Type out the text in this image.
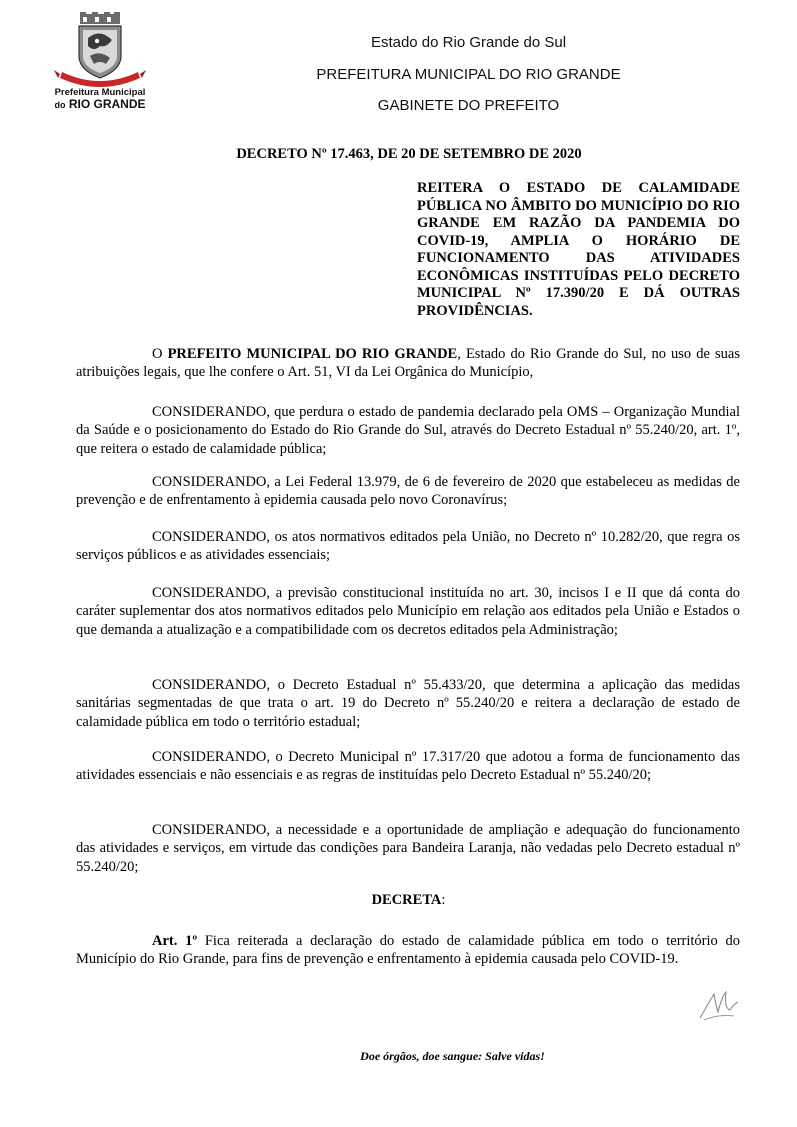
Prefeitura Municipal
do RIO GRANDE
Estado do Rio Grande do Sul
PREFEITURA MUNICIPAL DO RIO GRANDE
GABINETE DO PREFEITO
DECRETO Nº 17.463, DE 20 DE SETEMBRO DE 2020
REITERA O ESTADO DE CALAMIDADE PÚBLICA NO ÂMBITO DO MUNICÍPIO DO RIO GRANDE EM RAZÃO DA PANDEMIA DO COVID-19, AMPLIA O HORÁRIO DE FUNCIONAMENTO DAS ATIVIDADES ECONÔMICAS INSTITUÍDAS PELO DECRETO MUNICIPAL Nº 17.390/20 E DÁ OUTRAS PROVIDÊNCIAS.

O PREFEITO MUNICIPAL DO RIO GRANDE, Estado do Rio Grande do Sul, no uso de suas atribuições legais, que lhe confere o Art. 51, VI da Lei Orgânica do Município,

CONSIDERANDO, que perdura o estado de pandemia declarado pela OMS – Organização Mundial da Saúde e o posicionamento do Estado do Rio Grande do Sul, através do Decreto Estadual nº 55.240/20, art. 1º, que reitera o estado de calamidade pública;

CONSIDERANDO, a Lei Federal 13.979, de 6 de fevereiro de 2020 que estabeleceu as medidas de prevenção e de enfrentamento à epidemia causada pelo novo Coronavírus;

CONSIDERANDO, os atos normativos editados pela União, no Decreto nº 10.282/20, que regra os serviços públicos e as atividades essenciais;

CONSIDERANDO, a previsão constitucional instituída no art. 30, incisos I e II que dá conta do caráter suplementar dos atos normativos editados pelo Município em relação aos editados pela União e Estados o que demanda a atualização e a compatibilidade com os decretos editados pela Administração;

CONSIDERANDO, o Decreto Estadual nº 55.433/20, que determina a aplicação das medidas sanitárias segmentadas de que trata o art. 19 do Decreto nº 55.240/20 e reitera a declaração de estado de calamidade pública em todo o território estadual;

CONSIDERANDO, o Decreto Municipal nº 17.317/20 que adotou a forma de funcionamento das atividades essenciais e não essenciais e as regras de instituídas pelo Decreto Estadual nº 55.240/20;

CONSIDERANDO, a necessidade e a oportunidade de ampliação e adequação do funcionamento das atividades e serviços, em virtude das condições para Bandeira Laranja, não vedadas pelo Decreto estadual nº 55.240/20;

DECRETA:

Art. 1º Fica reiterada a declaração do estado de calamidade pública em todo o território do Município do Rio Grande, para fins de prevenção e enfrentamento à epidemia causada pelo COVID-19.

Doe órgãos, doe sangue: Salve vidas!
